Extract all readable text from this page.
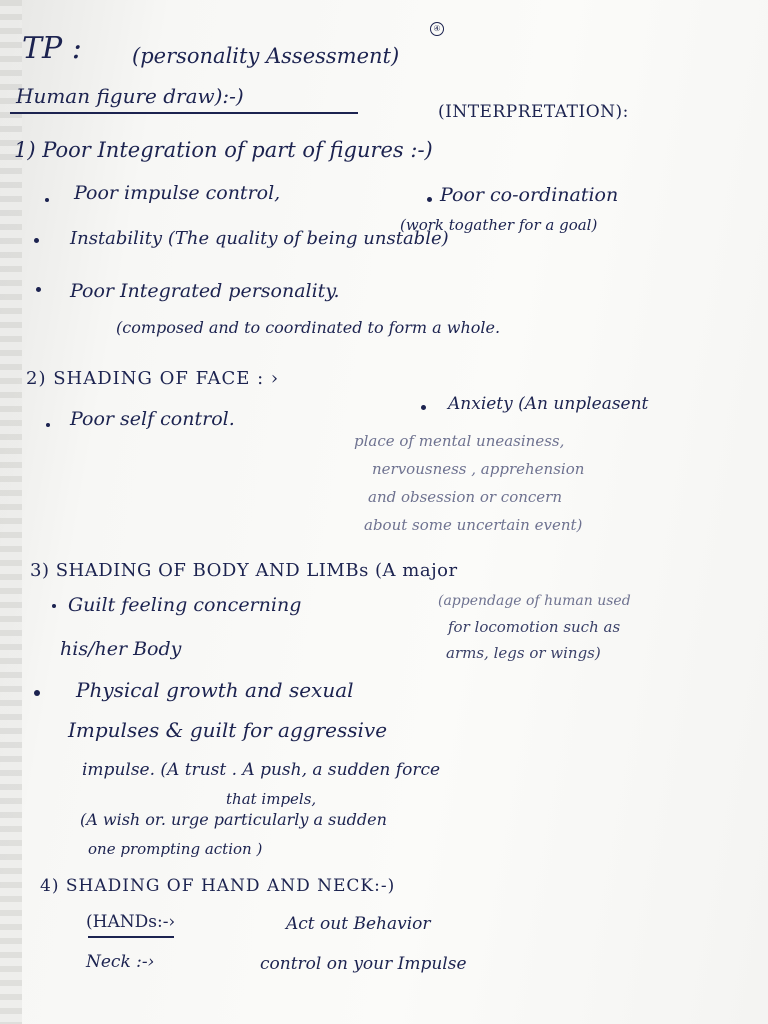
④
TP : (personality Assessment)
Human figure draw):-)
(INTERPRETATION):
1) Poor Integration of part of figures :-)
Poor impulse control,	Poor co-ordination
(work togather for a goal)
Instability (The quality of being unstable)
Poor Integrated personality.
(composed and to coordinated to form a whole.
2) SHADING OF FACE : ›
Poor self control.
Anxiety (An unpleasent
place of mental uneasiness,
nervousness , apprehension
and obsession or concern
about some uncertain event)
3) SHADING OF BODY AND LIMBs (A major
Guilt feeling concerning
his/her Body
(appendage of human used
for locomotion such as
arms, legs or wings)
Physical growth and sexual
Impulses & guilt for aggressive
impulse. (A trust . A push, a sudden force
that impels,
(A wish or. urge particularly a sudden
one prompting action )
4) SHADING OF HAND AND NECK:-)
(HANDs:-›	Act out Behavior
Neck :-›	control on your Impulse
